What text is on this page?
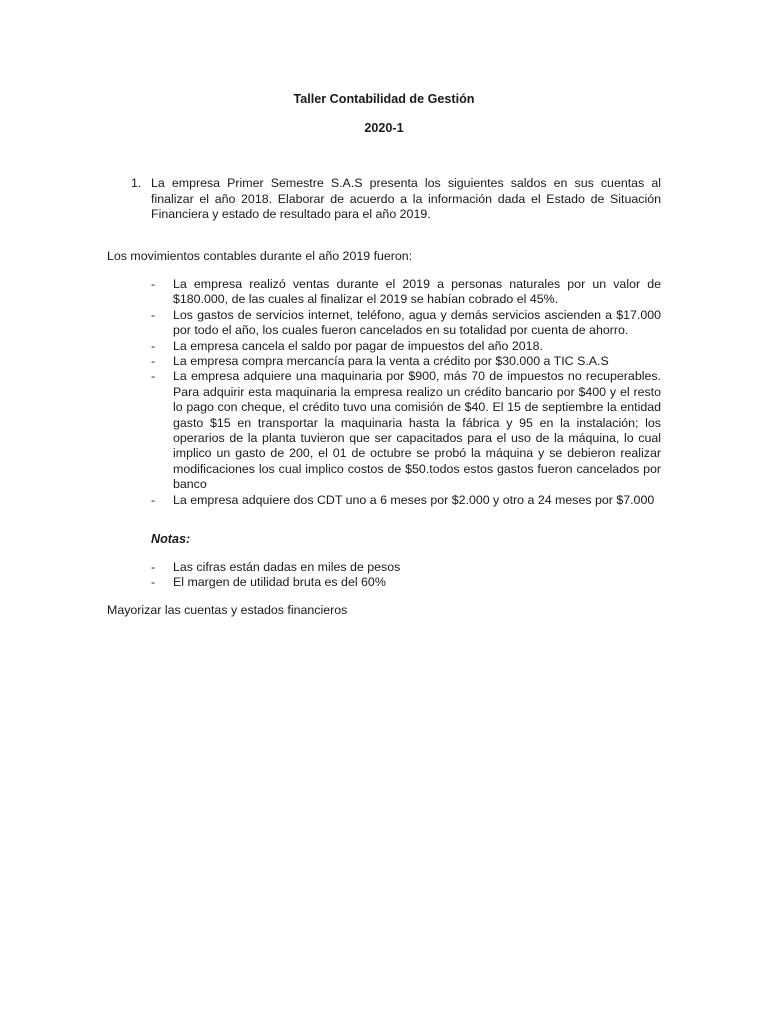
Taller Contabilidad de Gestión
2020-1
1. La empresa Primer Semestre S.A.S presenta los siguientes saldos en sus cuentas al finalizar el año 2018. Elaborar de acuerdo a la información dada el Estado de Situación Financiera y estado de resultado para el año 2019.
Los movimientos contables durante el año 2019 fueron:
- La empresa realizó ventas durante el 2019 a personas naturales por un valor de $180.000, de las cuales al finalizar el 2019 se habían cobrado el 45%.
- Los gastos de servicios internet, teléfono, agua y demás servicios ascienden a $17.000 por todo el año, los cuales fueron cancelados en su totalidad por cuenta de ahorro.
- La empresa cancela el saldo por pagar de impuestos del año 2018.
- La empresa compra mercancía para la venta a crédito por $30.000 a TIC S.A.S
- La empresa adquiere una maquinaria por $900, más 70 de impuestos no recuperables. Para adquirir esta maquinaria la empresa realizo un crédito bancario por $400 y el resto lo pago con cheque, el crédito tuvo una comisión de $40. El 15 de septiembre la entidad gasto $15 en transportar la maquinaria hasta la fábrica y 95 en la instalación; los operarios de la planta tuvieron que ser capacitados para el uso de la máquina, lo cual implico un gasto de 200, el 01 de octubre se probó la máquina y se debieron realizar modificaciones los cual implico costos de $50.todos estos gastos fueron cancelados por banco
- La empresa adquiere dos CDT uno a 6 meses por $2.000 y otro a 24 meses por $7.000
Notas:
- Las cifras están dadas en miles de pesos
- El margen de utilidad bruta es del 60%
Mayorizar las cuentas y estados financieros
